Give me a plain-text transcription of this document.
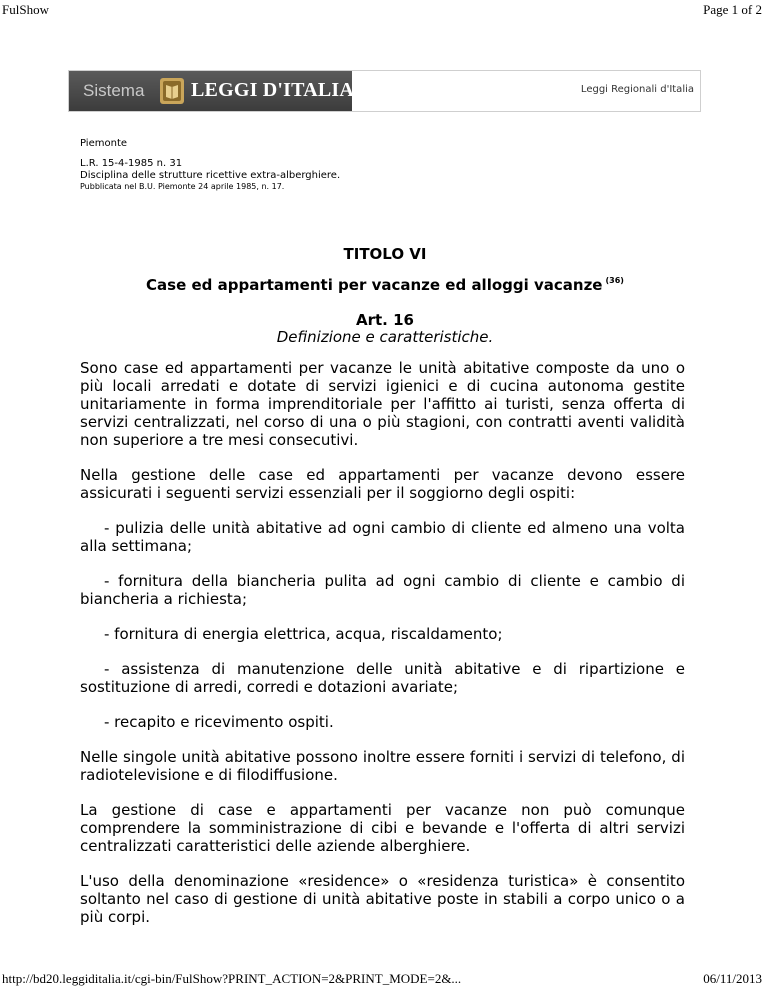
FulShow	Page 1 of 2
Sistema LEGGI D'ITALIA	Leggi Regionali d'Italia
Piemonte
L.R. 15-4-1985 n. 31
Disciplina delle strutture ricettive extra-alberghiere.
Pubblicata nel B.U. Piemonte 24 aprile 1985, n. 17.
TITOLO VI
Case ed appartamenti per vacanze ed alloggi vacanze $^{(36)}$
Art. 16
Definizione e caratteristiche.

Sono case ed appartamenti per vacanze le unità abitative composte da uno o più locali arredati e dotate di servizi igienici e di cucina autonoma gestite unitariamente in forma imprenditoriale per l'affitto ai turisti, senza offerta di servizi centralizzati, nel corso di una o più stagioni, con contratti aventi validità non superiore a tre mesi consecutivi.

Nella gestione delle case ed appartamenti per vacanze devono essere assicurati i seguenti servizi essenziali per il soggiorno degli ospiti:

- pulizia delle unità abitative ad ogni cambio di cliente ed almeno una volta alla settimana;

- fornitura della biancheria pulita ad ogni cambio di cliente e cambio di biancheria a richiesta;

- fornitura di energia elettrica, acqua, riscaldamento;

- assistenza di manutenzione delle unità abitative e di ripartizione e sostituzione di arredi, corredi e dotazioni avariate;

- recapito e ricevimento ospiti.

Nelle singole unità abitative possono inoltre essere forniti i servizi di telefono, di radiotelevisione e di filodiffusione.

La gestione di case e appartamenti per vacanze non può comunque comprendere la somministrazione di cibi e bevande e l'offerta di altri servizi centralizzati caratteristici delle aziende alberghiere.

L'uso della denominazione «residence» o «residenza turistica» è consentito soltanto nel caso di gestione di unità abitative poste in stabili a corpo unico o a più corpi.

http://bd20.leggiditalia.it/cgi-bin/FulShow?PRINT_ACTION=2&PRINT_MODE=2&...	06/11/2013
